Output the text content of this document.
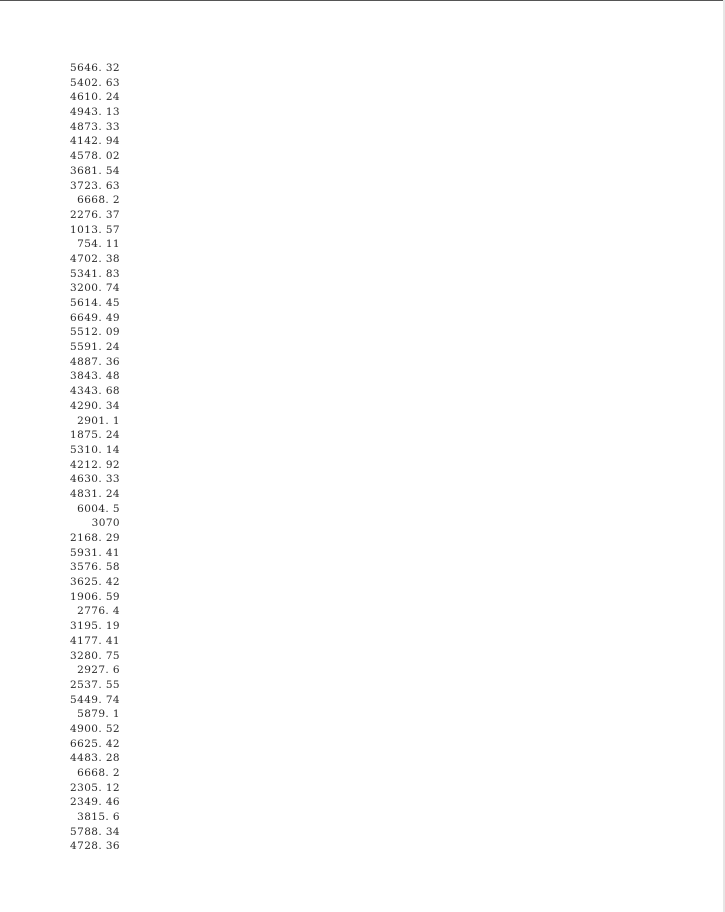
5646. 32
5402. 63
4610. 24
4943. 13
4873. 33
4142. 94
4578. 02
3681. 54
3723. 63
6668. 2
2276. 37
1013. 57
754. 11
4702. 38
5341. 83
3200. 74
5614. 45
6649. 49
5512. 09
5591. 24
4887. 36
3843. 48
4343. 68
4290. 34
2901. 1
1875. 24
5310. 14
4212. 92
4630. 33
4831. 24
6004. 5
3070
2168. 29
5931. 41
3576. 58
3625. 42
1906. 59
2776. 4
3195. 19
4177. 41
3280. 75
2927. 6
2537. 55
5449. 74
5879. 1
4900. 52
6625. 42
4483. 28
6668. 2
2305. 12
2349. 46
3815. 6
5788. 34
4728. 36
